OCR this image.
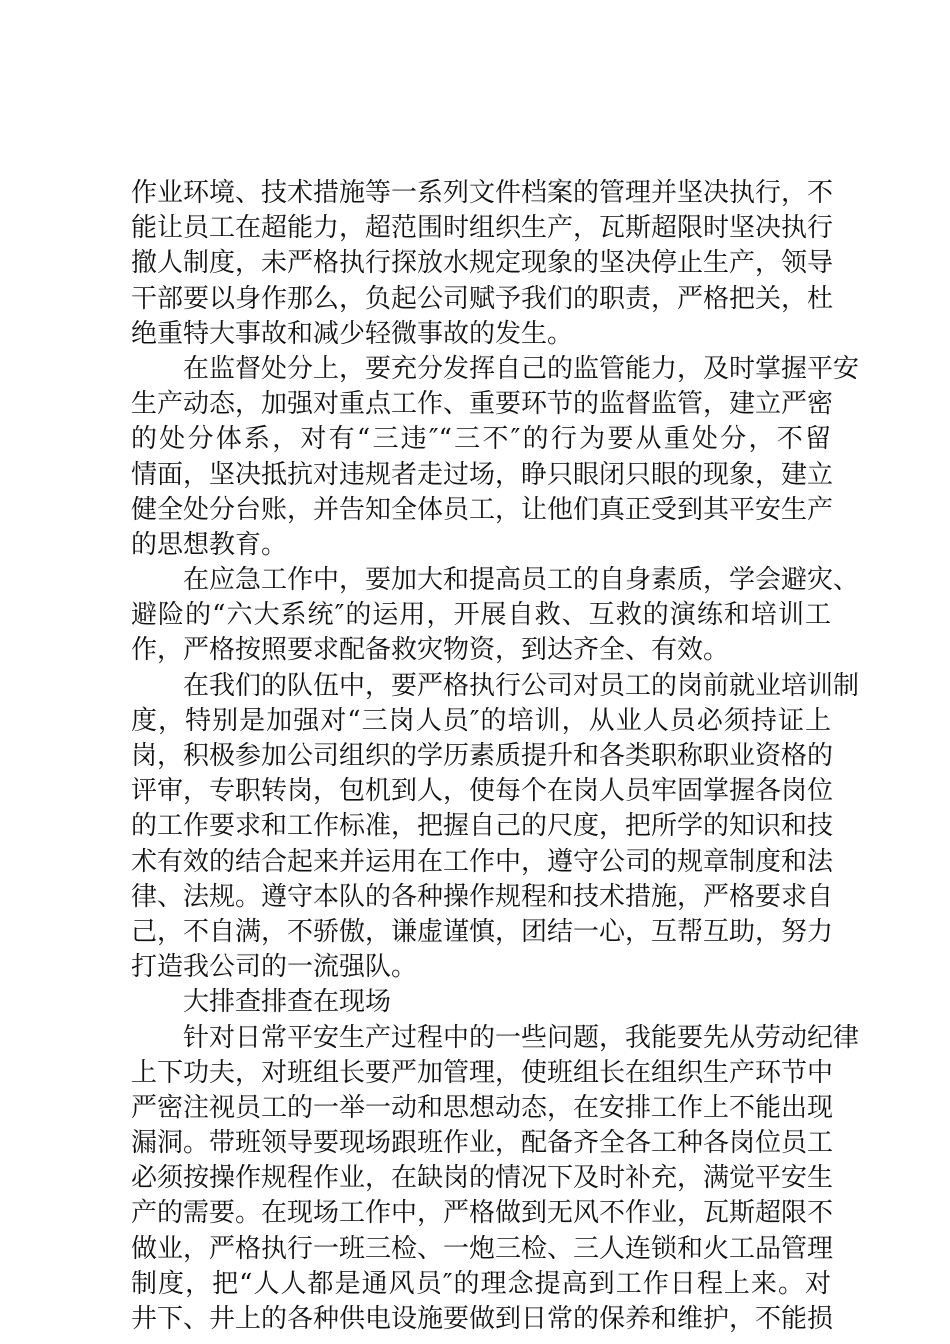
作业环境、技术措施等一系列文件档案的管理并坚决执行，不
能让员工在超能力，超范围时组织生产，瓦斯超限时坚决执行
撤人制度，未严格执行探放水规定现象的坚决停止生产，领导
干部要以身作那么，负起公司赋予我们的职责，严格把关，杜
绝重特大事故和减少轻微事故的发生。
在监督处分上，要充分发挥自己的监管能力，及时掌握平安
生产动态，加强对重点工作、重要环节的监督监管，建立严密
的处分体系，对有“三违″“三不″的行为要从重处分，不留
情面，坚决抵抗对违规者走过场，睁只眼闭只眼的现象，建立
健全处分台账，并告知全体员工，让他们真正受到其平安生产
的思想教育。
在应急工作中，要加大和提高员工的自身素质，学会避灾、
避险的“六大系统″的运用，开展自救、互救的演练和培训工
作，严格按照要求配备救灾物资，到达齐全、有效。
在我们的队伍中，要严格执行公司对员工的岗前就业培训制
度，特别是加强对“三岗人员″的培训，从业人员必须持证上
岗，积极参加公司组织的学历素质提升和各类职称职业资格的
评审，专职转岗，包机到人，使每个在岗人员牢固掌握各岗位
的工作要求和工作标准，把握自己的尺度，把所学的知识和技
术有效的结合起来并运用在工作中，遵守公司的规章制度和法
律、法规。遵守本队的各种操作规程和技术措施，严格要求自
己，不自满，不骄傲，谦虚谨慎，团结一心，互帮互助，努力
打造我公司的一流强队。
大排查排查在现场
针对日常平安生产过程中的一些问题，我能要先从劳动纪律
上下功夫，对班组长要严加管理，使班组长在组织生产环节中
严密注视员工的一举一动和思想动态，在安排工作上不能出现
漏洞。带班领导要现场跟班作业，配备齐全各工种各岗位员工
必须按操作规程作业，在缺岗的情况下及时补充，满觉平安生
产的需要。在现场工作中，严格做到无风不作业，瓦斯超限不
做业，严格执行一班三检、一炮三检、三人连锁和火工品管理
制度，把“人人都是通风员″的理念提高到工作日程上来。对
井下、井上的各种供电设施要做到日常的保养和维护，不能损
